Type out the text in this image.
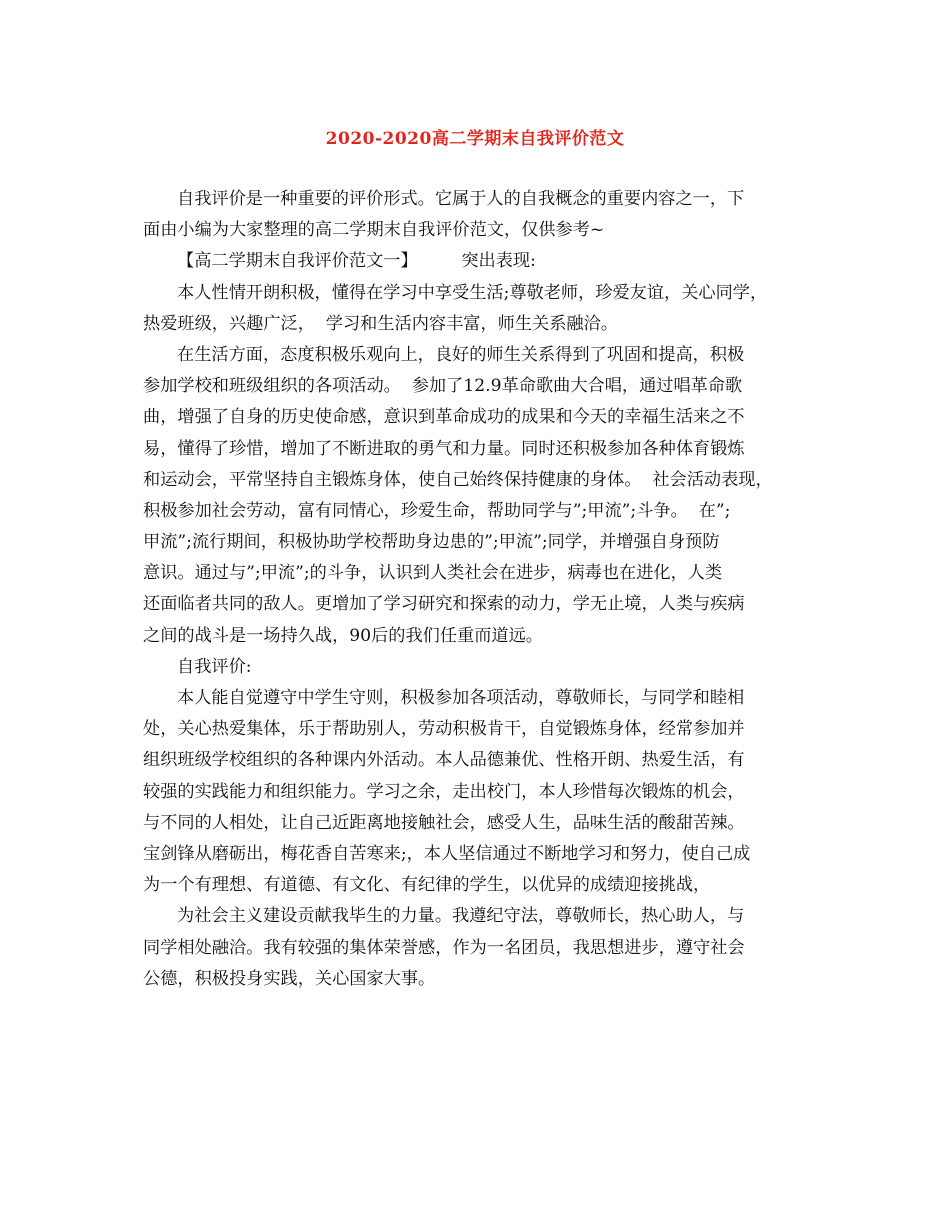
2020-2020高二学期末自我评价范文
自我评价是一种重要的评价形式。它属于人的自我概念的重要内容之一，下
面由小编为大家整理的高二学期末自我评价范文，仅供参考~
【高二学期末自我评价范文一】        突出表现:
本人性情开朗积极，懂得在学习中享受生活;尊敬老师，珍爱友谊，关心同学，
热爱班级，兴趣广泛，  学习和生活内容丰富，师生关系融洽。
在生活方面，态度积极乐观向上，良好的师生关系得到了巩固和提高，积极
参加学校和班级组织的各项活动。  参加了12.9革命歌曲大合唱，通过唱革命歌
曲，增强了自身的历史使命感，意识到革命成功的成果和今天的幸福生活来之不
易，懂得了珍惜，增加了不断进取的勇气和力量。同时还积极参加各种体育锻炼
和运动会，平常坚持自主锻炼身体，使自己始终保持健康的身体。  社会活动表现，
积极参加社会劳动，富有同情心，珍爱生命，帮助同学与”;甲流”;斗争。  在”;
甲流”;流行期间，积极协助学校帮助身边患的”;甲流”;同学，并增强自身预防
意识。通过与”;甲流”;的斗争，认识到人类社会在进步，病毒也在进化，人类
还面临者共同的敌人。更增加了学习研究和探索的动力，学无止境，人类与疾病
之间的战斗是一场持久战，90后的我们任重而道远。
自我评价:
本人能自觉遵守中学生守则，积极参加各项活动，尊敬师长，与同学和睦相
处，关心热爱集体，乐于帮助别人，劳动积极肯干，自觉锻炼身体，经常参加并
组织班级学校组织的各种课内外活动。本人品德兼优、性格开朗、热爱生活，有
较强的实践能力和组织能力。学习之余，走出校门，本人珍惜每次锻炼的机会，
与不同的人相处，让自己近距离地接触社会，感受人生，品味生活的酸甜苦辣。
宝剑锋从磨砺出，梅花香自苦寒来;，本人坚信通过不断地学习和努力，使自己成
为一个有理想、有道德、有文化、有纪律的学生，以优异的成绩迎接挑战，
为社会主义建设贡献我毕生的力量。我遵纪守法，尊敬师长，热心助人，与
同学相处融洽。我有较强的集体荣誉感，作为一名团员，我思想进步，遵守社会
公德，积极投身实践，关心国家大事。
